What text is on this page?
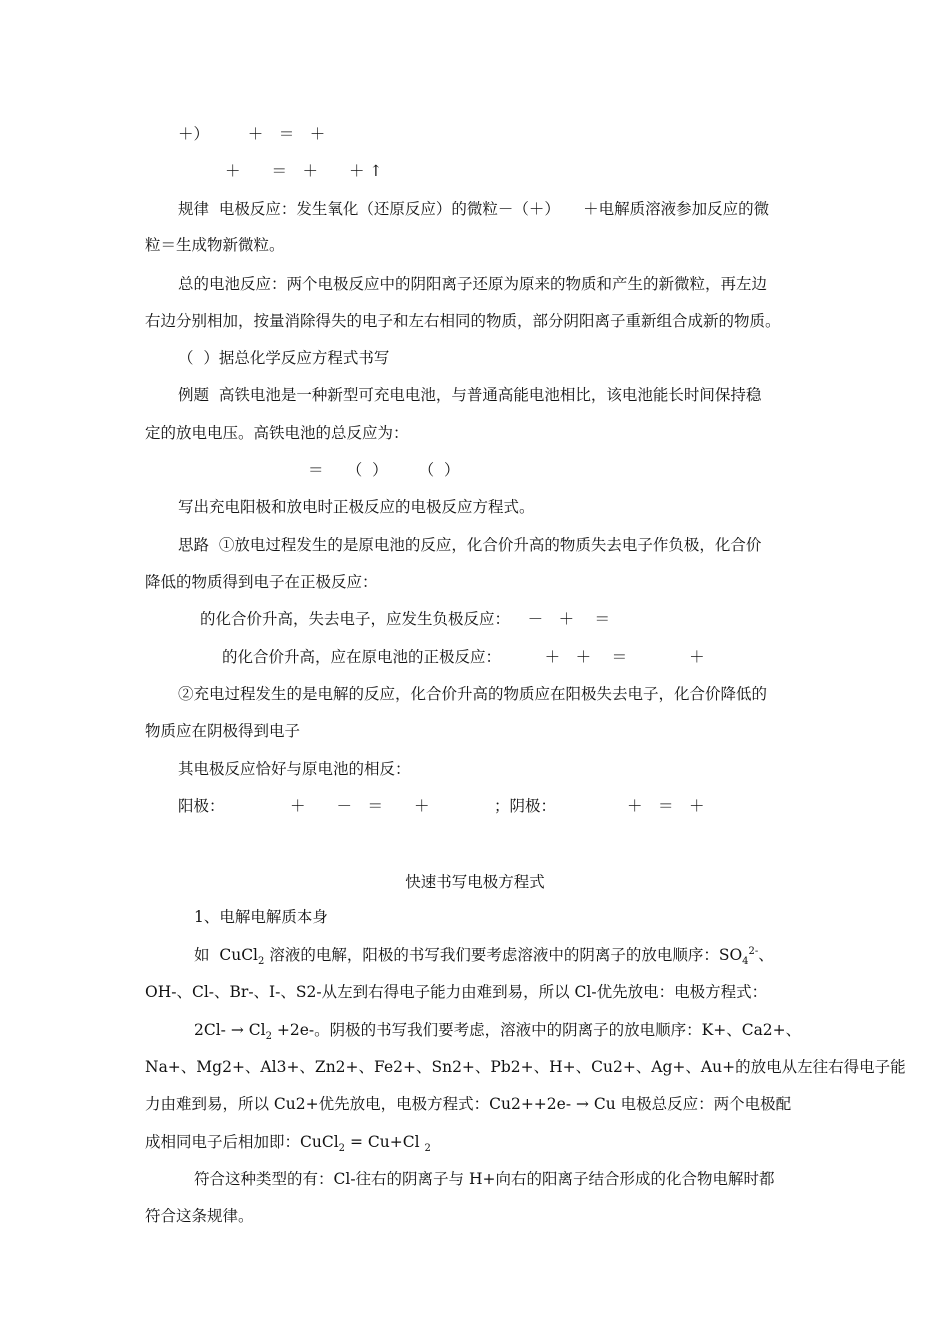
＋）　　　＋　＝　＋
＋　　＝　＋　　＋ ↑
规律  电极反应：发生氧化（还原反应）的微粒－（＋）　　＋电解质溶液参加反应的微
粒＝生成物新微粒。
总的电池反应：两个电极反应中的阴阳离子还原为原来的物质和产生的新微粒，再左边
右边分别相加，按量消除得失的电子和左右相同的物质，部分阴阳离子重新组合成新的物质。
（  ）据总化学反应方程式书写
例题  高铁电池是一种新型可充电电池，与普通高能电池相比，该电池能长时间保持稳
定的放电电压。高铁电池的总反应为：
＝　　（  ）　　　（  ）
写出充电阳极和放电时正极反应的电极反应方程式。
思路  ①放电过程发生的是原电池的反应，化合价升高的物质失去电子作负极，化合价
降低的物质得到电子在正极反应：
的化合价升高，失去电子，应发生负极反应：　  －　＋　 ＝
的化合价升高，应在原电池的正极反应：　　　 ＋　＋　 ＝　　　　＋
②充电过程发生的是电解的反应，化合价升高的物质应在阳极失去电子，化合价降低的
物质应在阴极得到电子
其电极反应恰好与原电池的相反：
阳极：	＋　　－　＝　　＋	；阴极：	＋　＝　＋
快速书写电极方程式
1、电解电解质本身
如  CuCl$_2$ 溶液的电解，阳极的书写我们要考虑溶液中的阴离子的放电顺序：$SO_4^{2-}$、
OH-、Cl-、Br-、I-、S2-从左到右得电子能力由难到易，所以 Cl-优先放电：电极方程式：
$2Cl- \to Cl_2 +2e-$。阴极的书写我们要考虑，溶液中的阴离子的放电顺序：K+、Ca2+、
Na+、Mg2+、Al3+、Zn2+、Fe2+、Sn2+、Pb2+、H+、Cu2+、Ag+、Au+的放电从左往右得电子能
力由难到易，所以 Cu2+优先放电，电极方程式：Cu2++2e- → Cu 电极总反应：两个电极配
成相同电子后相加即：CuCl$_2$ = Cu+Cl $_2$
符合这种类型的有：Cl-往右的阴离子与 H+向右的阳离子结合形成的化合物电解时都
符合这条规律。
